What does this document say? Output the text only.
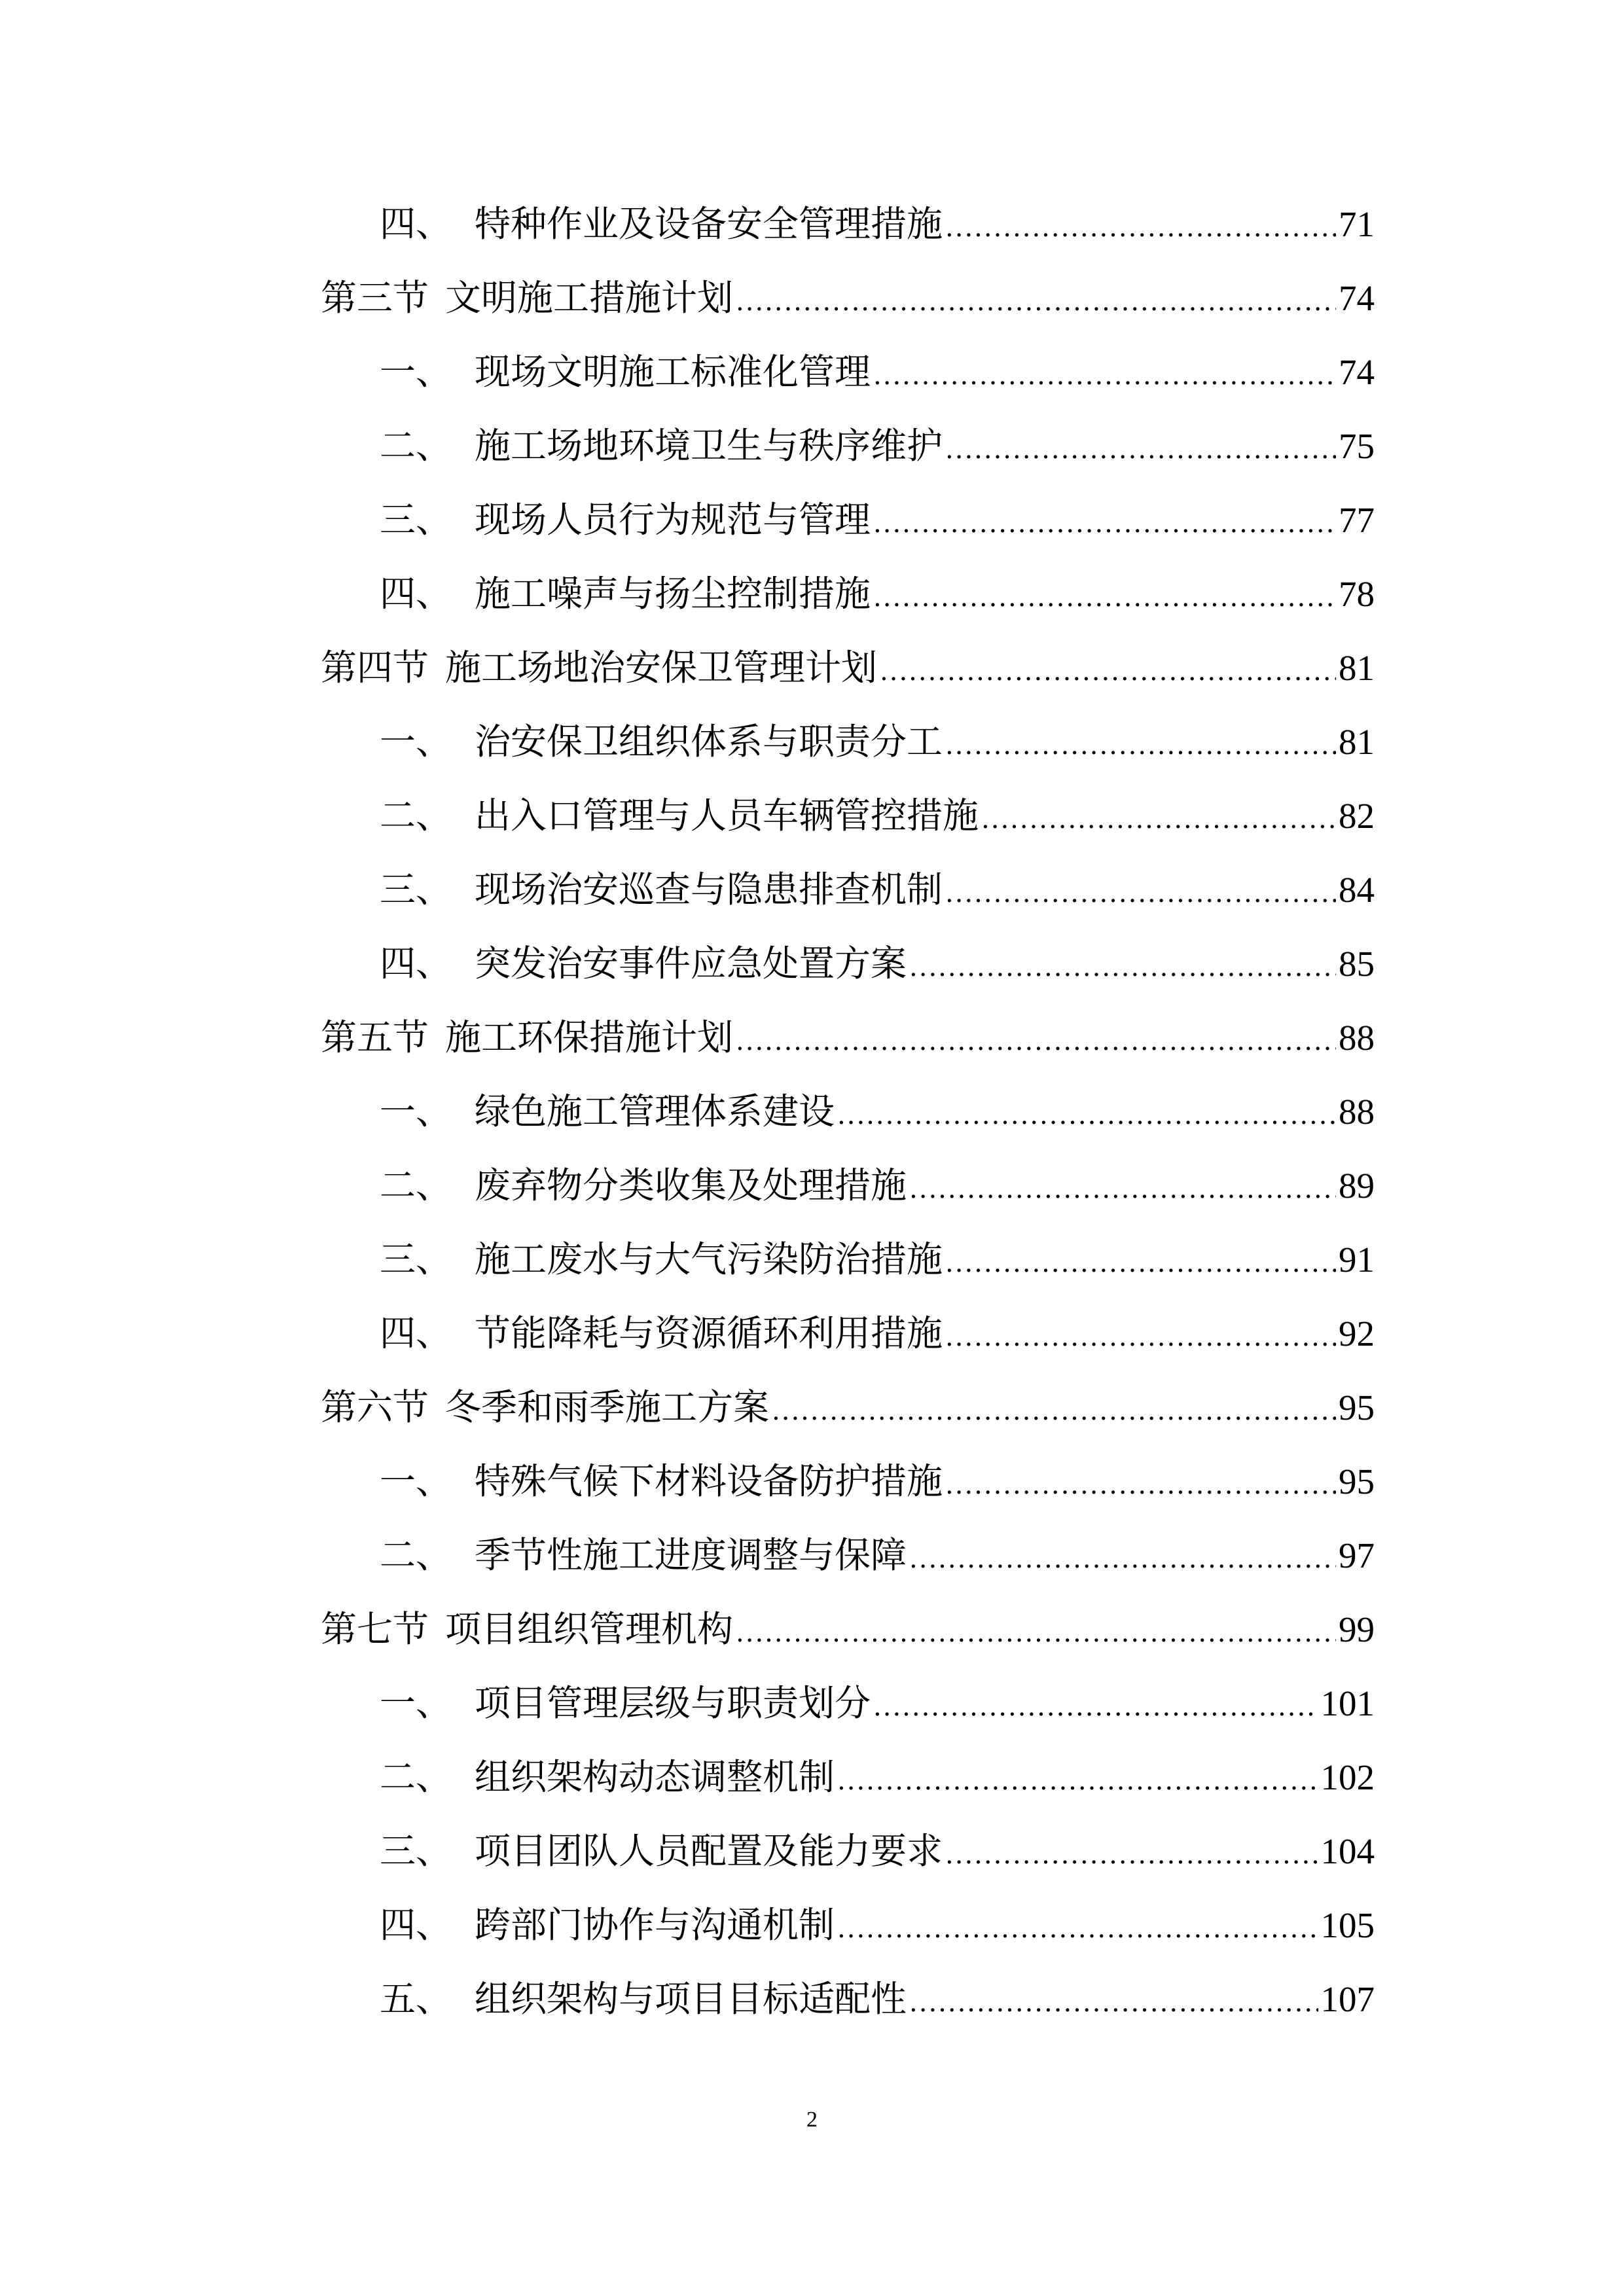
四、 特种作业及设备安全管理措施 .....	71
第三节 文明施工措施计划 .....	74
一、 现场文明施工标准化管理 .....	74
二、 施工场地环境卫生与秩序维护 .....	75
三、 现场人员行为规范与管理 .....	77
四、 施工噪声与扬尘控制措施 .....	78
第四节 施工场地治安保卫管理计划 .....	81
一、 治安保卫组织体系与职责分工 .....	81
二、 出入口管理与人员车辆管控措施 .....	82
三、 现场治安巡查与隐患排查机制 .....	84
四、 突发治安事件应急处置方案 .....	85
第五节 施工环保措施计划 .....	88
一、 绿色施工管理体系建设 .....	88
二、 废弃物分类收集及处理措施 .....	89
三、 施工废水与大气污染防治措施 .....	91
四、 节能降耗与资源循环利用措施 .....	92
第六节 冬季和雨季施工方案 .....	95
一、 特殊气候下材料设备防护措施 .....	95
二、 季节性施工进度调整与保障 .....	97
第七节 项目组织管理机构 .....	99
一、 项目管理层级与职责划分 .....	101
二、 组织架构动态调整机制 .....	102
三、 项目团队人员配置及能力要求 .....	104
四、 跨部门协作与沟通机制 .....	105
五、 组织架构与项目目标适配性 .....	107
2
